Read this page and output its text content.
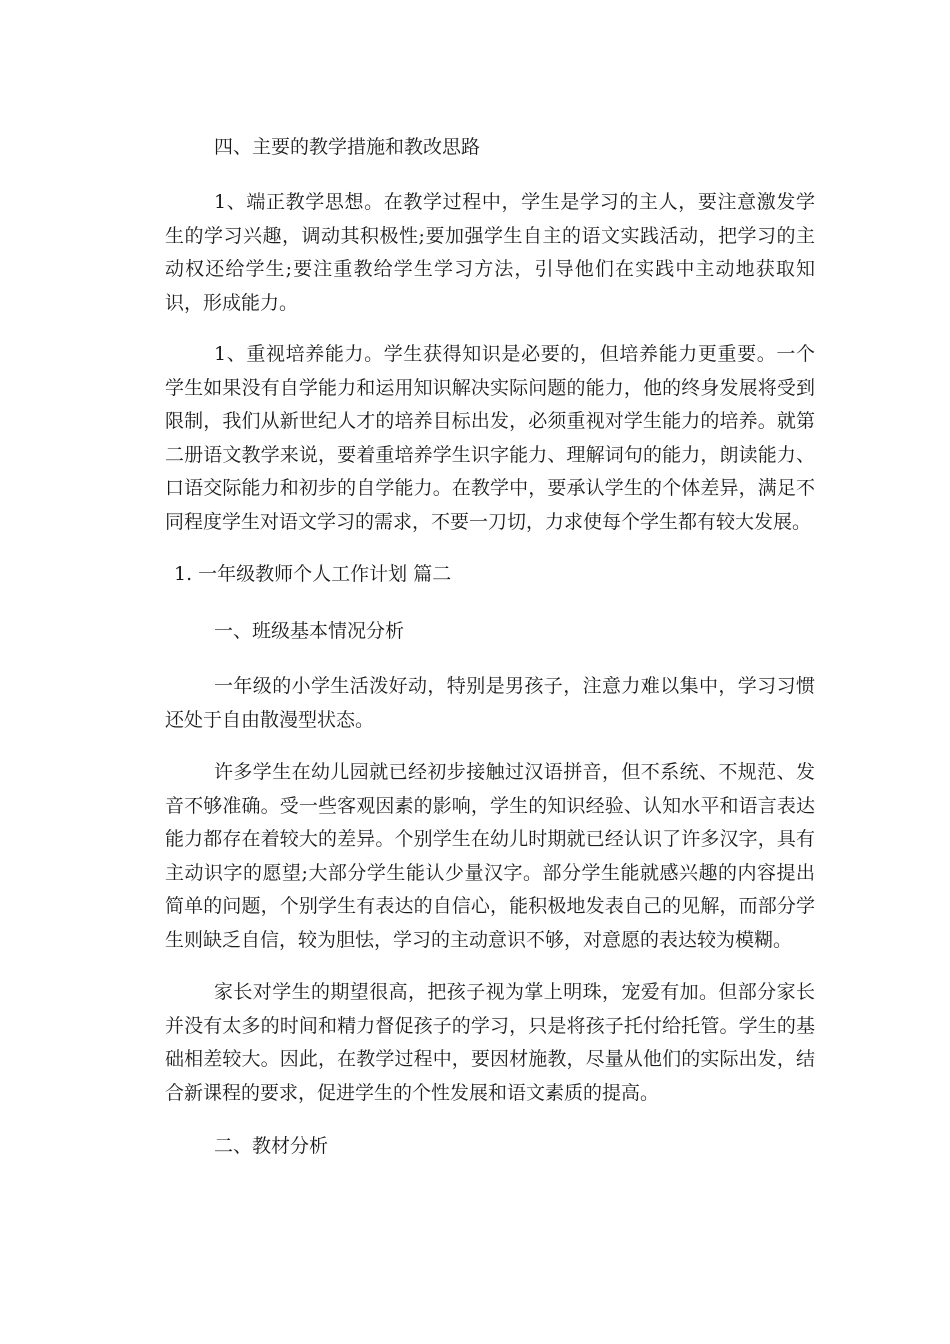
四、主要的教学措施和教改思路

1、端正教学思想。在教学过程中，学生是学习的主人，要注意激发学生的学习兴趣，调动其积极性;要加强学生自主的语文实践活动，把学习的主动权还给学生;要注重教给学生学习方法，引导他们在实践中主动地获取知识，形成能力。

1、重视培养能力。学生获得知识是必要的，但培养能力更重要。一个学生如果没有自学能力和运用知识解决实际问题的能力，他的终身发展将受到限制，我们从新世纪人才的培养目标出发，必须重视对学生能力的培养。就第二册语文教学来说，要着重培养学生识字能力、理解词句的能力，朗读能力、口语交际能力和初步的自学能力。在教学中，要承认学生的个体差异，满足不同程度学生对语文学习的需求，不要一刀切，力求使每个学生都有较大发展。

1. 一年级教师个人工作计划 篇二

一、班级基本情况分析

一年级的小学生活泼好动，特别是男孩子，注意力难以集中，学习习惯还处于自由散漫型状态。

许多学生在幼儿园就已经初步接触过汉语拼音，但不系统、不规范、发音不够准确。受一些客观因素的影响，学生的知识经验、认知水平和语言表达能力都存在着较大的差异。个别学生在幼儿时期就已经认识了许多汉字，具有主动识字的愿望;大部分学生能认少量汉字。部分学生能就感兴趣的内容提出简单的问题，个别学生有表达的自信心，能积极地发表自己的见解，而部分学生则缺乏自信，较为胆怯，学习的主动意识不够，对意愿的表达较为模糊。

家长对学生的期望很高，把孩子视为掌上明珠，宠爱有加。但部分家长并没有太多的时间和精力督促孩子的学习，只是将孩子托付给托管。学生的基础相差较大。因此，在教学过程中，要因材施教，尽量从他们的实际出发，结合新课程的要求，促进学生的个性发展和语文素质的提高。

二、教材分析
